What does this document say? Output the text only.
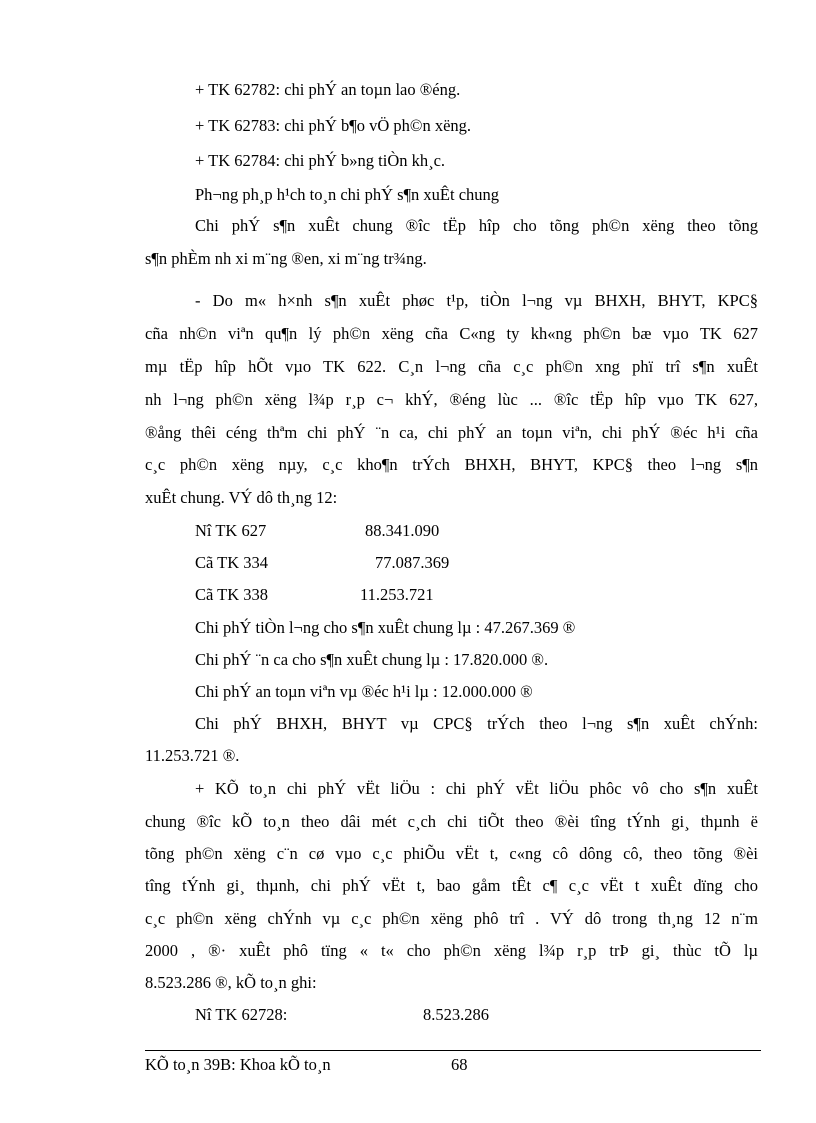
+ TK 62782: chi phÝ an toµn lao ®éng.
+ TK 62783: chi phÝ b¶o vÖ ph©n xëng.
+ TK 62784: chi phÝ b»ng tiÒn kh¸c.
Ph¬ng ph¸p h¹ch to¸n chi phÝ s¶n xuÊt chung
Chi phÝ s¶n xuÊt chung ®îc tËp hîp cho tõng ph©n xëng theo tõng
s¶n phÈm nh xi m¨ng ®en, xi m¨ng tr¾ng.
- Do m« h×nh s¶n xuÊt phøc t¹p, tiÒn l¬ng vµ BHXH, BHYT, KPC§
cña nh©n viªn qu¶n lý ph©n xëng cña C«ng ty kh«ng ph©n bæ vµo TK 627
mµ tËp hîp hÕt vµo TK 622. C¸n l¬ng cña c¸c ph©n xng phï trî s¶n xuÊt
nh l¬ng ph©n xëng l¾p r¸p c¬ khÝ, ®éng lùc ... ®îc tËp hîp vµo TK 627,
®ång thêi céng thªm chi phÝ ¨n ca, chi phÝ an toµn viªn, chi phÝ ®éc h¹i cña
c¸c ph©n xëng nµy, c¸c kho¶n trÝch BHXH, BHYT, KPC§ theo l¬ng s¶n
xuÊt chung. VÝ dô th¸ng 12:
Nî TK 627	88.341.090
Cã TK 334	77.087.369
Cã TK 338	11.253.721
Chi phÝ tiÒn l¬ng cho s¶n xuÊt chung lµ : 47.267.369 ®
Chi phÝ ¨n ca cho s¶n xuÊt chung lµ : 17.820.000 ®.
Chi phÝ an toµn viªn vµ ®éc h¹i lµ : 12.000.000 ®
Chi phÝ BHXH, BHYT vµ CPC§ trÝch theo l¬ng s¶n xuÊt chÝnh:
11.253.721 ®.
+ KÕ to¸n chi phÝ vËt liÖu : chi phÝ vËt liÖu phôc vô cho s¶n xuÊt
chung ®îc kÕ to¸n theo dâi mét c¸ch chi tiÕt theo ®èi tîng tÝnh gi¸ thµnh ë
tõng ph©n xëng c¨n cø vµo c¸c phiÕu vËt t, c«ng cô dông cô, theo tõng ®èi
tîng tÝnh gi¸ thµnh, chi phÝ vËt t, bao gåm tÊt c¶ c¸c vËt t xuÊt dïng cho
c¸c ph©n xëng chÝnh vµ c¸c ph©n xëng phô trî . VÝ dô trong th¸ng 12 n¨m
2000 , ®· xuÊt phô tïng « t« cho ph©n xëng l¾p r¸p trÞ gi¸ thùc tÕ lµ
8.523.286 ®, kÕ to¸n ghi:
Nî TK 62728:	8.523.286
KÕ to¸n 39B: Khoa kÕ to¸n	68
